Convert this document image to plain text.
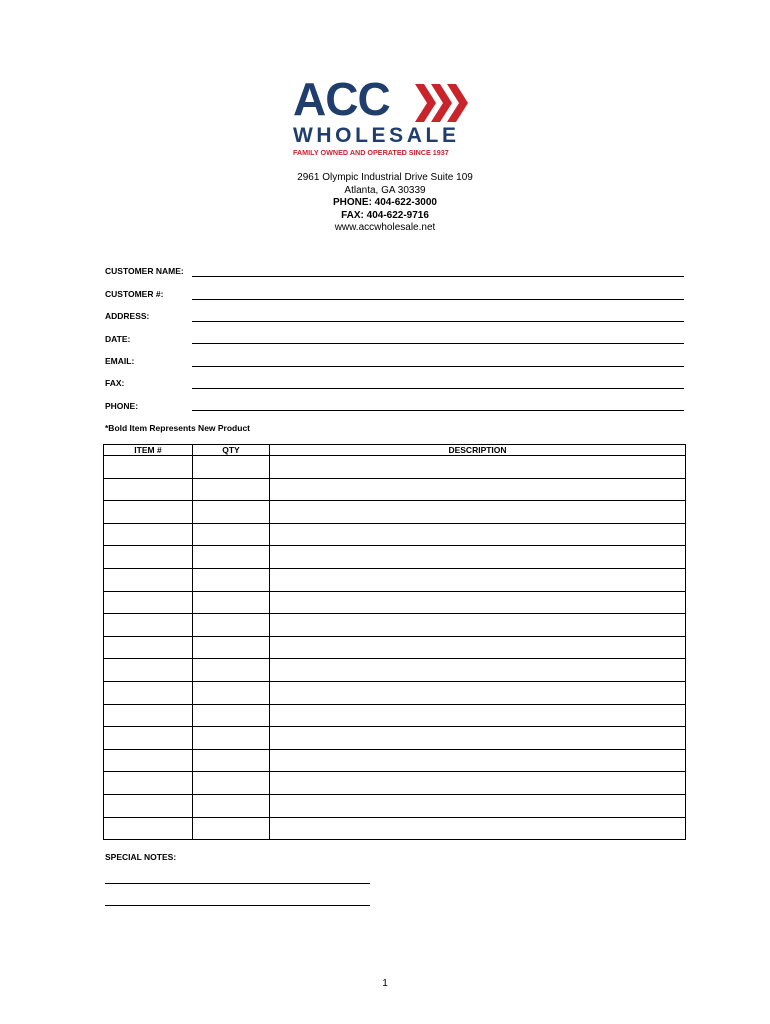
ACC
WHOLESALE
FAMILY OWNED AND OPERATED SINCE 1937
2961 Olympic Industrial Drive Suite 109
Atlanta, GA 30339
PHONE: 404-622-3000
FAX: 404-622-9716
www.accwholesale.net
CUSTOMER NAME:
CUSTOMER #:
ADDRESS:
DATE:
EMAIL:
FAX:
PHONE:
*Bold Item Represents New Product
ITEM #	QTY	DESCRIPTION

SPECIAL NOTES:
1
